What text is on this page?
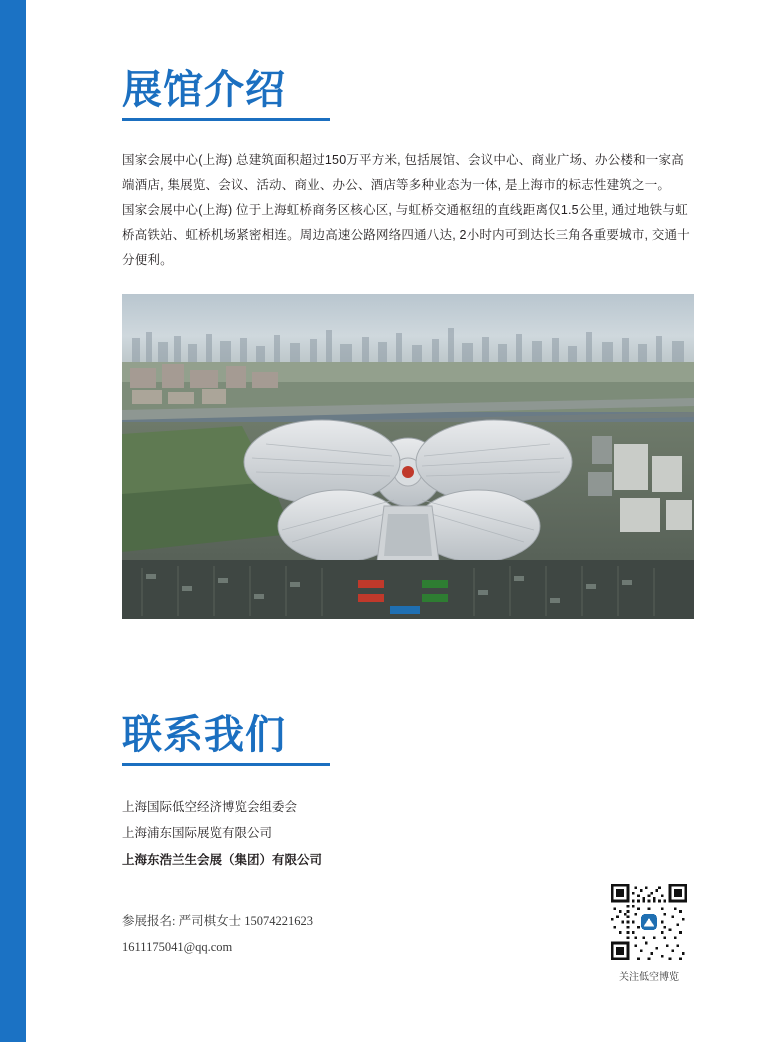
展馆介绍

国家会展中心(上海) 总建筑面积超过150万平方米, 包括展馆、会议中心、商业广场、办公楼和一家高端酒店, 集展览、会议、活动、商业、办公、酒店等多种业态为一体, 是上海市的标志性建筑之一。

国家会展中心(上海) 位于上海虹桥商务区核心区, 与虹桥交通枢纽的直线距离仅1.5公里, 通过地铁与虹桥高铁站、虹桥机场紧密相连。周边高速公路网络四通八达, 2小时内可到达长三角各重要城市, 交通十分便利。

联系我们
上海国际低空经济博览会组委会
上海浦东国际展览有限公司
上海东浩兰生会展（集团）有限公司
参展报名: 严司棋女士 15074221623
1611175041@qq.com
关注低空博览
